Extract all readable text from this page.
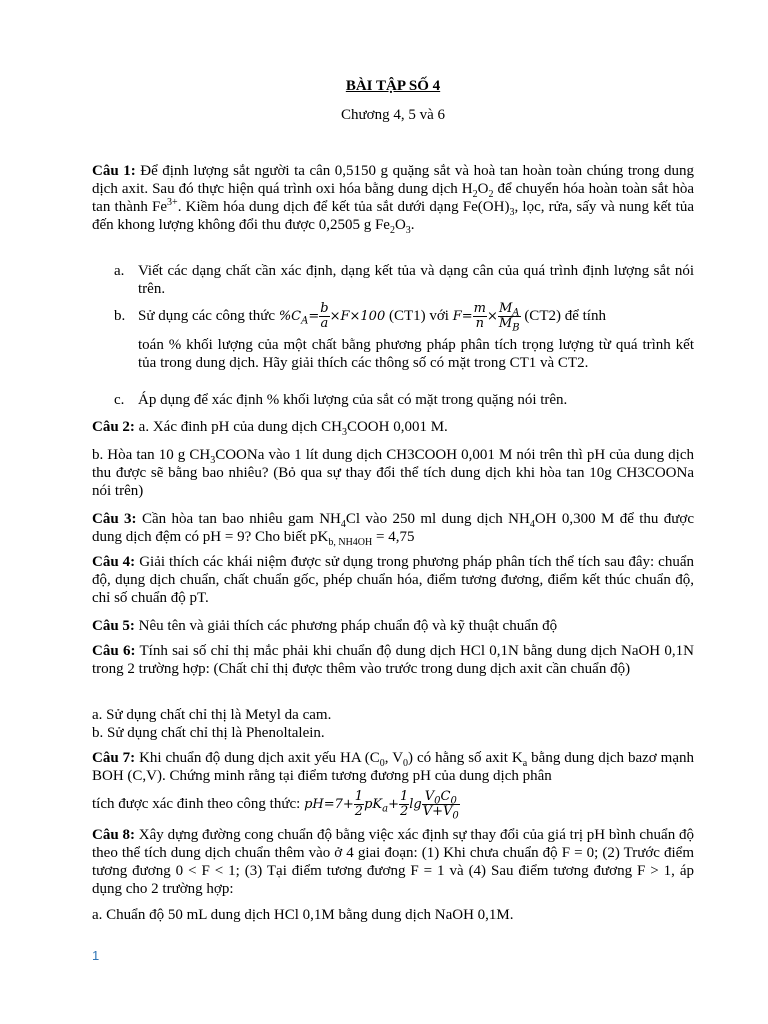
BÀI TẬP SỐ 4
Chương 4, 5 và 6
Câu 1: Để định lượng sắt người ta cân 0,5150 g quặng sắt và hoà tan hoàn toàn chúng trong dung dịch axit. Sau đó thực hiện quá trình oxi hóa bằng dung dịch $H_2O_2$ để chuyển hóa hoàn toàn sắt hòa tan thành $Fe^{3+}$. Kiềm hóa dung dịch để kết tủa sắt dưới dạng $Fe(OH)_3$, lọc, rửa, sấy và nung kết tủa đến khong lượng không đổi thu được 0,2505 g $Fe_2O_3$.
a. Viết các dạng chất cần xác định, dạng kết tủa và dạng cân của quá trình định lượng sắt nói trên.
b. Sử dụng các công thức $\%C_A= \frac{b}{a} \times F\times 100$ (CT1) với $F= \frac{m}{n} \times \frac{M_A}{M_B} (CT2)$ để tính
toán % khối lượng của một chất bằng phương pháp phân tích trọng lượng từ quá trình kết tủa trong dung dịch. Hãy giải thích các thông số có mặt trong CT1 và CT2.
c. Áp dụng để xác định % khối lượng của sắt có mặt trong quặng nói trên.
Câu 2: a. Xác đinh pH của dung dịch $CH_3COOH$ 0,001 M.
b. Hòa tan 10 g $CH_3COONa$ vào 1 lít dung dịch CH3COOH 0,001 M nói trên thì pH của dung dịch thu được sẽ bằng bao nhiêu? (Bỏ qua sự thay đổi thể tích dung dịch khi hòa tan 10g CH3COONa nói trên)
Câu 3: Cần hòa tan bao nhiêu gam $NH_4Cl$ vào 250 ml dung dịch $NH_4OH$ 0,300 M để thu được dung dịch đệm có pH = 9? Cho biết $pK_{b, NH4OH} = 4,75$
Câu 4: Giải thích các khái niệm được sử dụng trong phương pháp phân tích thể tích sau đây: chuẩn độ, dụng dịch chuẩn, chất chuẩn gốc, phép chuẩn hóa, điểm tương đương, điểm kết thúc chuẩn độ, chỉ số chuẩn độ pT.
Câu 5: Nêu tên và giải thích các phương pháp chuẩn độ và kỹ thuật chuẩn độ
Câu 6: Tính sai số chỉ thị mắc phải khi chuẩn độ dung dịch HCl 0,1N bằng dung dịch NaOH 0,1N trong 2 trường hợp: (Chất chỉ thị được thêm vào trước trong dung dịch axit cần chuẩn độ)
a. Sử dụng chất chỉ thị là Metyl da cam.
b. Sử dụng chất chỉ thị là Phenoltalein.
Câu 7: Khi chuẩn độ dung dịch axit yếu HA ($C_0$, $V_0$) có hằng số axit $K_a$ bằng dung dịch bazơ mạnh BOH (C,V). Chứng minh rằng tại điểm tương đương pH của dung dịch phân
tích được xác đinh theo công thức: $pH=7+ \frac{1}{2} pK_a+ \frac{1}{2}$ $\lg \frac{V_0C_0}{V+V_0}$
Câu 8: Xây dựng đường cong chuẩn độ bằng việc xác định sự thay đổi của giá trị pH bình chuẩn độ theo thể tích dung dịch chuẩn thêm vào ở 4 giai đoạn: (1) Khi chưa chuẩn độ F = 0; (2) Trước điểm tương đương 0 < F < 1; (3) Tại điểm tương đương F = 1 và (4) Sau điểm tương đương F > 1, áp dụng cho 2 trường hợp:
a. Chuẩn độ 50 mL dung dịch HCl 0,1M bằng dung dịch NaOH 0,1M.
1
